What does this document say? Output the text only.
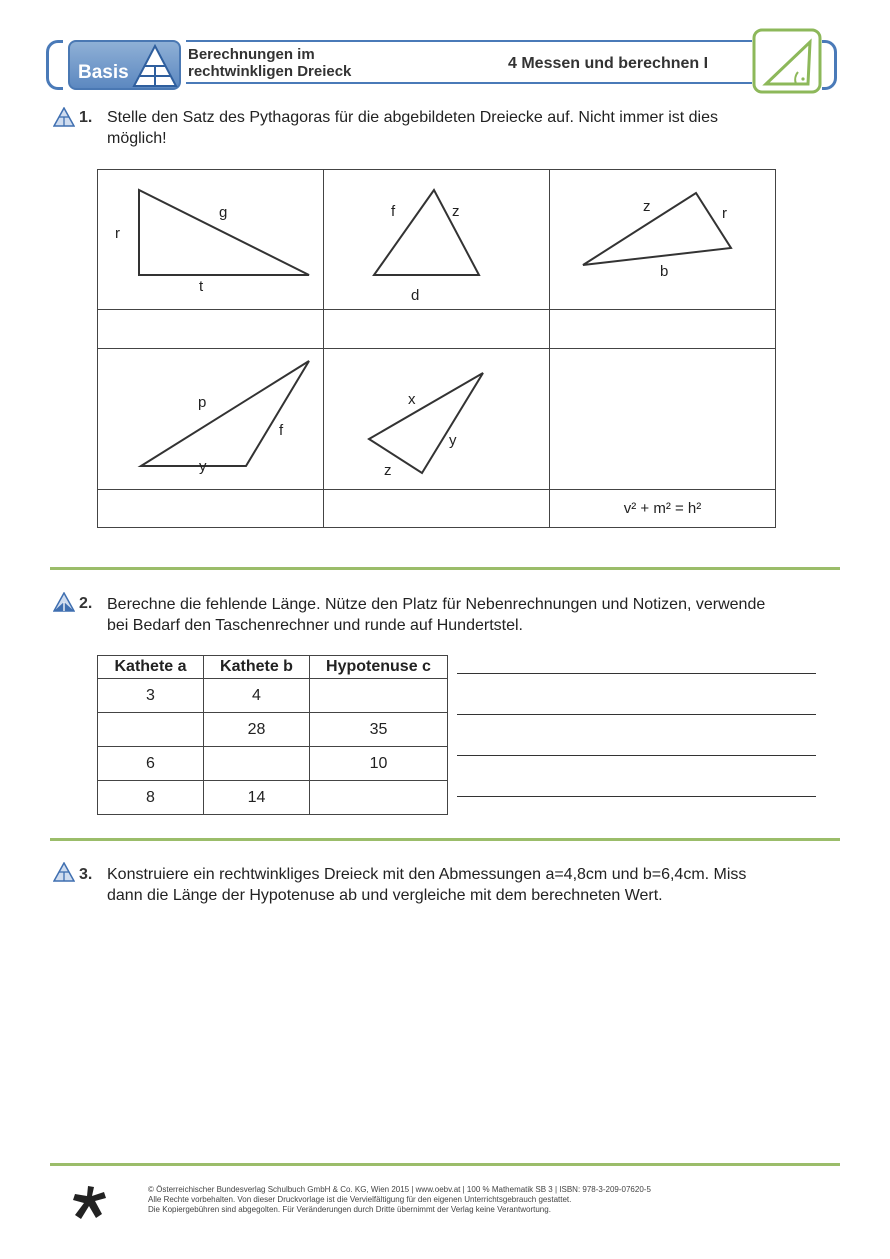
Basis
Berechnungen im
rechtwinkligen Dreieck	4 Messen und berechnen I
1. Stelle den Satz des Pythagoras für die abgebildeten Dreiecke auf. Nicht immer ist dies
möglich!
g
r
t
f	z
d
z	r
b
p
f
y
x
y
z
v² + m² = h²
2. Berechne die fehlende Länge. Nütze den Platz für Nebenrechnungen und Notizen, verwende
bei Bedarf den Taschenrechner und runde auf Hundertstel.
Kathete a	Kathete b	Hypotenuse c
3	4	
	28	35
6		10
8	14	
3. Konstruiere ein rechtwinkliges Dreieck mit den Abmessungen a=4,8cm und b=6,4cm. Miss
dann die Länge der Hypotenuse ab und vergleiche mit dem berechneten Wert.
© Österreichischer Bundesverlag Schulbuch GmbH & Co. KG, Wien 2015 | www.oebv.at | 100 % Mathematik SB 3 | ISBN: 978-3-209-07620-5
Alle Rechte vorbehalten. Von dieser Druckvorlage ist die Vervielfältigung für den eigenen Unterrichtsgebrauch gestattet.
Die Kopiergebühren sind abgegolten. Für Veränderungen durch Dritte übernimmt der Verlag keine Verantwortung.
